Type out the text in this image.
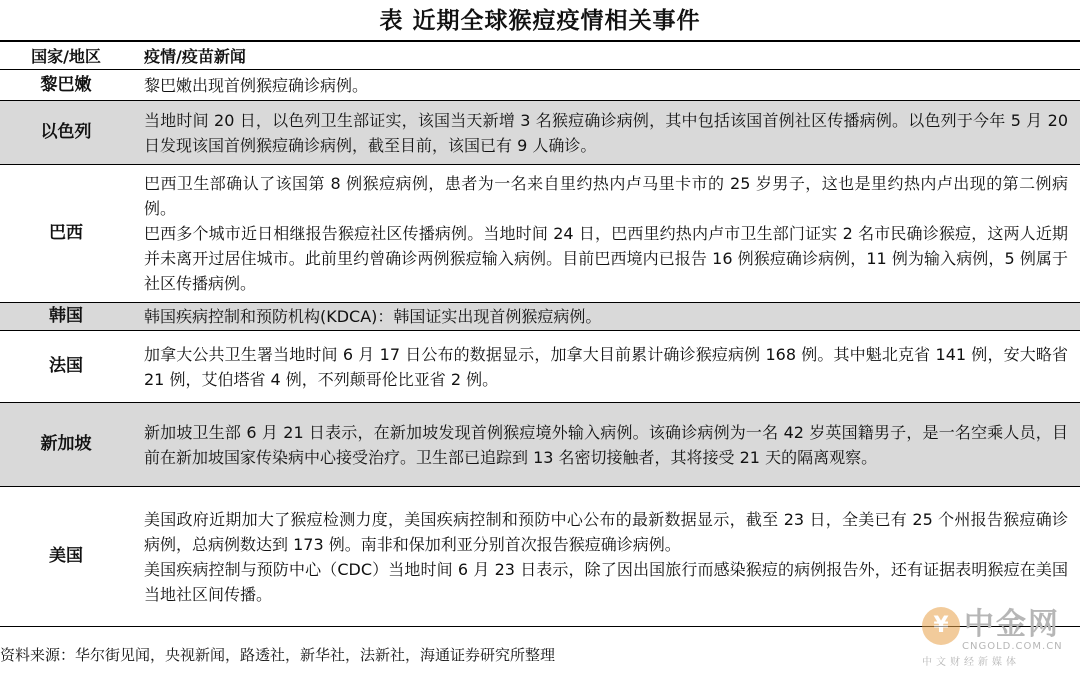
表 近期全球猴痘疫情相关事件
国家/地区	疫情/疫苗新闻
黎巴嫩	黎巴嫩出现首例猴痘确诊病例。

以色列	当地时间 20 日，以色列卫生部证实，该国当天新增 3 名猴痘确诊病例，其中包括该国首例社区传播病例。以色列于今年 5 月 20 日发现该国首例猴痘确诊病例，截至目前，该国已有 9 人确诊。

巴西	巴西卫生部确认了该国第 8 例猴痘病例，患者为一名来自里约热内卢马里卡市的 25 岁男子，这也是里约热内卢出现的第二例病例。
巴西多个城市近日相继报告猴痘社区传播病例。当地时间 24 日，巴西里约热内卢市卫生部门证实 2 名市民确诊猴痘，这两人近期并未离开过居住城市。此前里约曾确诊两例猴痘输入病例。目前巴西境内已报告 16 例猴痘确诊病例，11 例为输入病例，5 例属于社区传播病例。

韩国	韩国疾病控制和预防机构(KDCA)：韩国证实出现首例猴痘病例。

法国	加拿大公共卫生署当地时间 6 月 17 日公布的数据显示，加拿大目前累计确诊猴痘病例 168 例。其中魁北克省 141 例，安大略省 21 例，艾伯塔省 4 例，不列颠哥伦比亚省 2 例。

新加坡	新加坡卫生部 6 月 21 日表示，在新加坡发现首例猴痘境外输入病例。该确诊病例为一名 42 岁英国籍男子，是一名空乘人员，目前在新加坡国家传染病中心接受治疗。卫生部已追踪到 13 名密切接触者，其将接受 21 天的隔离观察。

美国	美国政府近期加大了猴痘检测力度，美国疾病控制和预防中心公布的最新数据显示，截至 23 日，全美已有 25 个州报告猴痘确诊病例，总病例数达到 173 例。南非和保加利亚分别首次报告猴痘确诊病例。
美国疾病控制与预防中心（CDC）当地时间 6 月 23 日表示，除了因出国旅行而感染猴痘的病例报告外，还有证据表明猴痘在美国当地社区间传播。
资料来源：华尔街见闻，央视新闻，路透社，新华社，法新社，海通证券研究所整理
¥ 中金网
CNGOLD.COM.CN
中文财经新媒体
